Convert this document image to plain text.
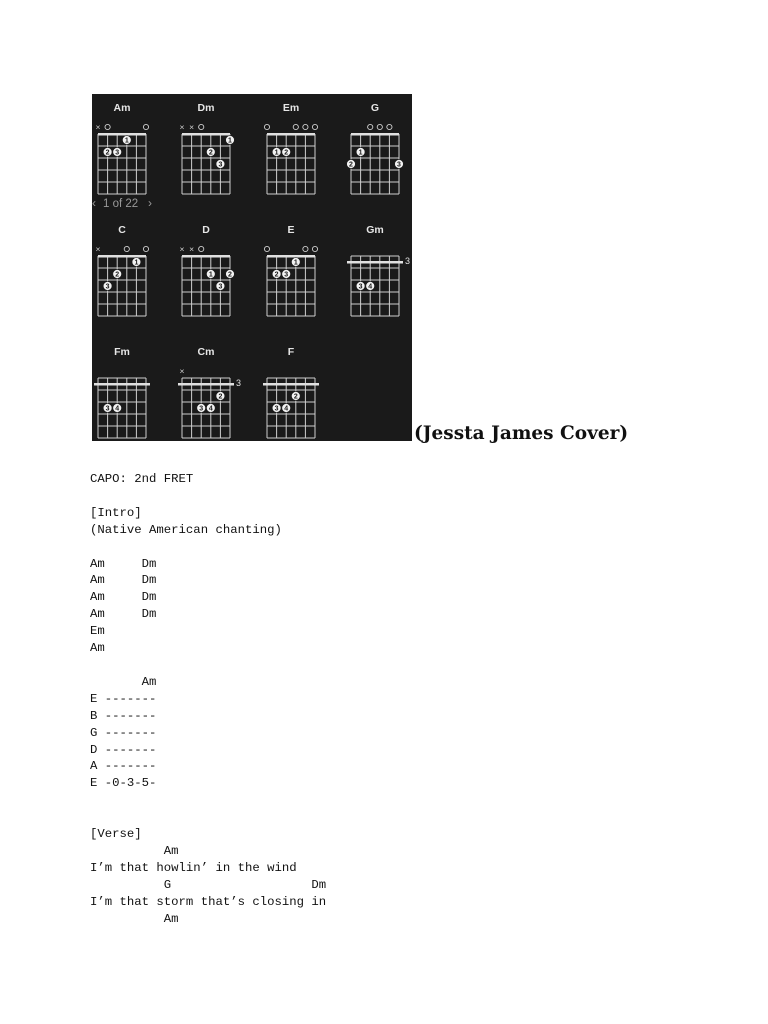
‹ 1 of 22 ›
Am
×
2 3
1
Dm
× ×
2
3
1
Em
1 2
G
2
1
3
C
×
3
2
1
D
× ×
1
3
2
E
2 3
1
Gm
3
3 4
Fm
3 4
Cm
×
3
3 4
2
F
3 4
2
(Jessta James Cover)
CAPO: 2nd FRET

[Intro]
(Native American chanting)

Am     Dm
Am     Dm
Am     Dm
Am     Dm
Em
Am

Am
E -------
B -------
G -------
D -------
A -------
E -0-3-5-

[Verse]
Am
I’m that howlin’ in the wind
G                   Dm
I’m that storm that’s closing in
Am
